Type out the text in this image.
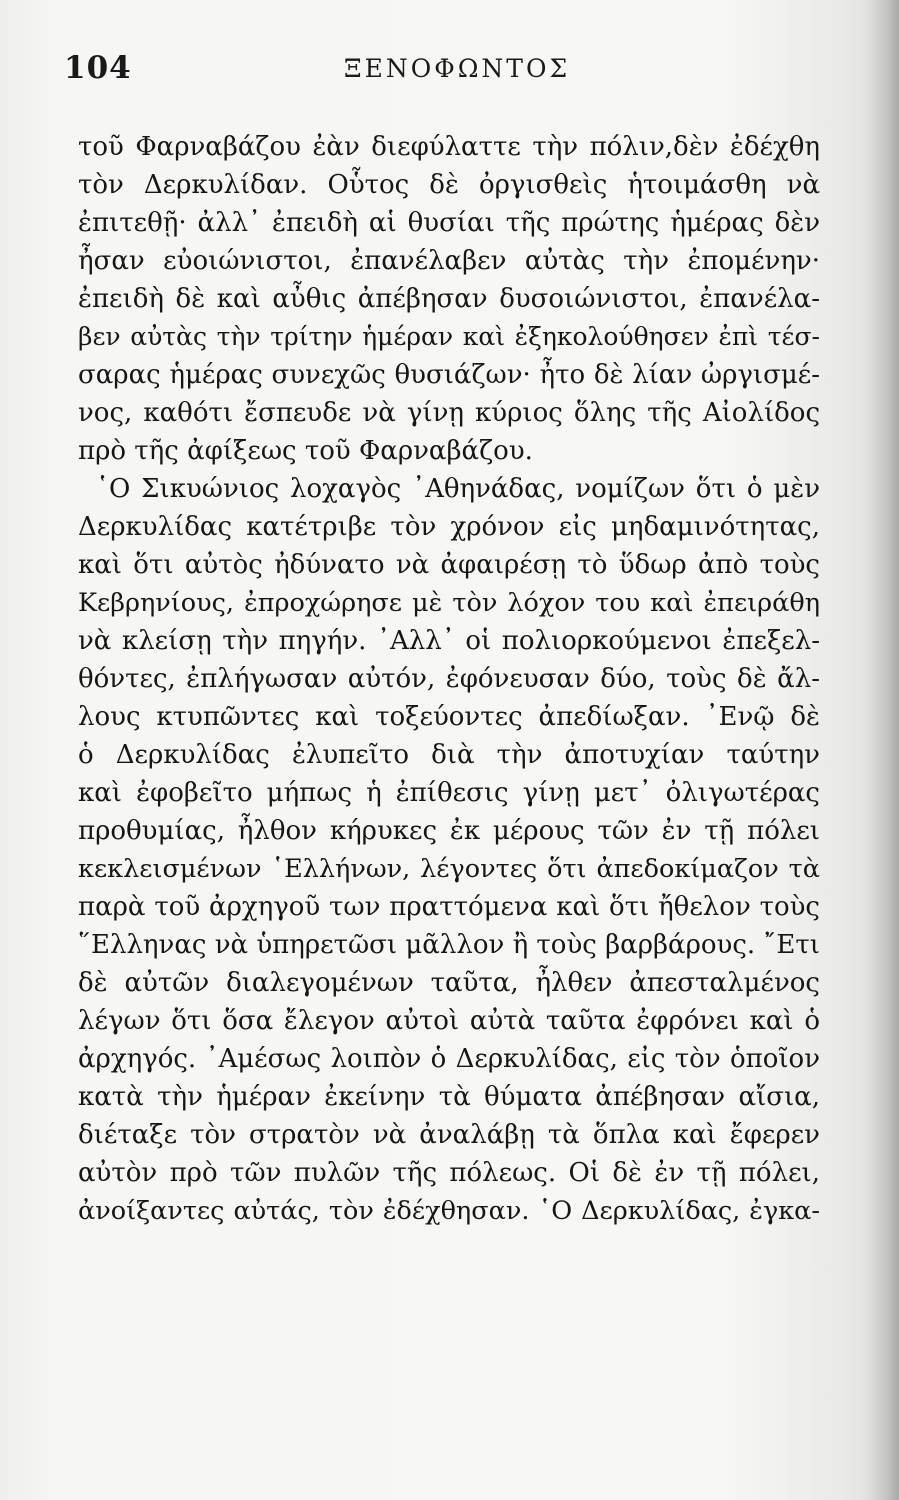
104	ΞΕΝΟΦΩΝΤΟΣ
τοῦ Φαρναβάζου ἐὰν διεφύλαττε τὴν πόλιν,δὲν ἐδέχθη
τὸν Δερκυλίδαν. Οὗτος δὲ ὀργισθεὶς ἡτοιμάσθη νὰ
ἐπιτεθῇ· ἀλλ᾽ ἐπειδὴ αἱ θυσίαι τῆς πρώτης ἡμέρας δὲν
ἦσαν εὐοιώνιστοι, ἐπανέλαβεν αὐτὰς τὴν ἐπομένην·
ἐπειδὴ δὲ καὶ αὖθις ἀπέβησαν δυσοιώνιστοι, ἐπανέλα-
βεν αὐτὰς τὴν τρίτην ἡμέραν καὶ ἐξηκολούθησεν ἐπὶ τέσ-
σαρας ἡμέρας συνεχῶς θυσιάζων· ἦτο δὲ λίαν ὠργισμέ-
νος, καθότι ἔσπευδε νὰ γίνῃ κύριος ὅλης τῆς Αἰολίδος
πρὸ τῆς ἀφίξεως τοῦ Φαρναβάζου.
῾Ο Σικυώνιος λοχαγὸς ᾿Αθηνάδας, νομίζων ὅτι ὁ μὲν
Δερκυλίδας κατέτριβε τὸν χρόνον εἰς μηδαμινότητας,
καὶ ὅτι αὐτὸς ἠδύνατο νὰ ἀφαιρέσῃ τὸ ὕδωρ ἀπὸ τοὺς
Κεβρηνίους, ἐπροχώρησε μὲ τὸν λόχον του καὶ ἐπειράθη
νὰ κλείσῃ τὴν πηγήν. ᾿Αλλ᾽ οἱ πολιορκούμενοι ἐπεξελ-
θόντες, ἐπλήγωσαν αὐτόν, ἐφόνευσαν δύο, τοὺς δὲ ἄλ-
λους κτυπῶντες καὶ τοξεύοντες ἀπεδίωξαν. ᾿Ενῷ δὲ
ὁ Δερκυλίδας ἐλυπεῖτο διὰ τὴν ἀποτυχίαν ταύτην
καὶ ἐφοβεῖτο μήπως ἡ ἐπίθεσις γίνῃ μετ᾽ ὀλιγωτέρας
προθυμίας, ἦλθον κήρυκες ἐκ μέρους τῶν ἐν τῇ πόλει
κεκλεισμένων ῾Ελλήνων, λέγοντες ὅτι ἀπεδοκίμαζον τὰ
παρὰ τοῦ ἀρχηγοῦ των πραττόμενα καὶ ὅτι ἤθελον τοὺς
῞Ελληνας νὰ ὑπηρετῶσι μᾶλλον ἢ τοὺς βαρβάρους. ῎Ετι
δὲ αὐτῶν διαλεγομένων ταῦτα, ἦλθεν ἀπεσταλμένος
λέγων ὅτι ὅσα ἔλεγον αὐτοὶ αὐτὰ ταῦτα ἐφρόνει καὶ ὁ
ἀρχηγός. ᾿Αμέσως λοιπὸν ὁ Δερκυλίδας, εἰς τὸν ὁποῖον
κατὰ τὴν ἡμέραν ἐκείνην τὰ θύματα ἀπέβησαν αἴσια,
διέταξε τὸν στρατὸν νὰ ἀναλάβῃ τὰ ὅπλα καὶ ἔφερεν
αὐτὸν πρὸ τῶν πυλῶν τῆς πόλεως. Οἱ δὲ ἐν τῇ πόλει,
ἀνοίξαντες αὐτάς, τὸν ἐδέχθησαν. ῾Ο Δερκυλίδας, ἐγκα-
